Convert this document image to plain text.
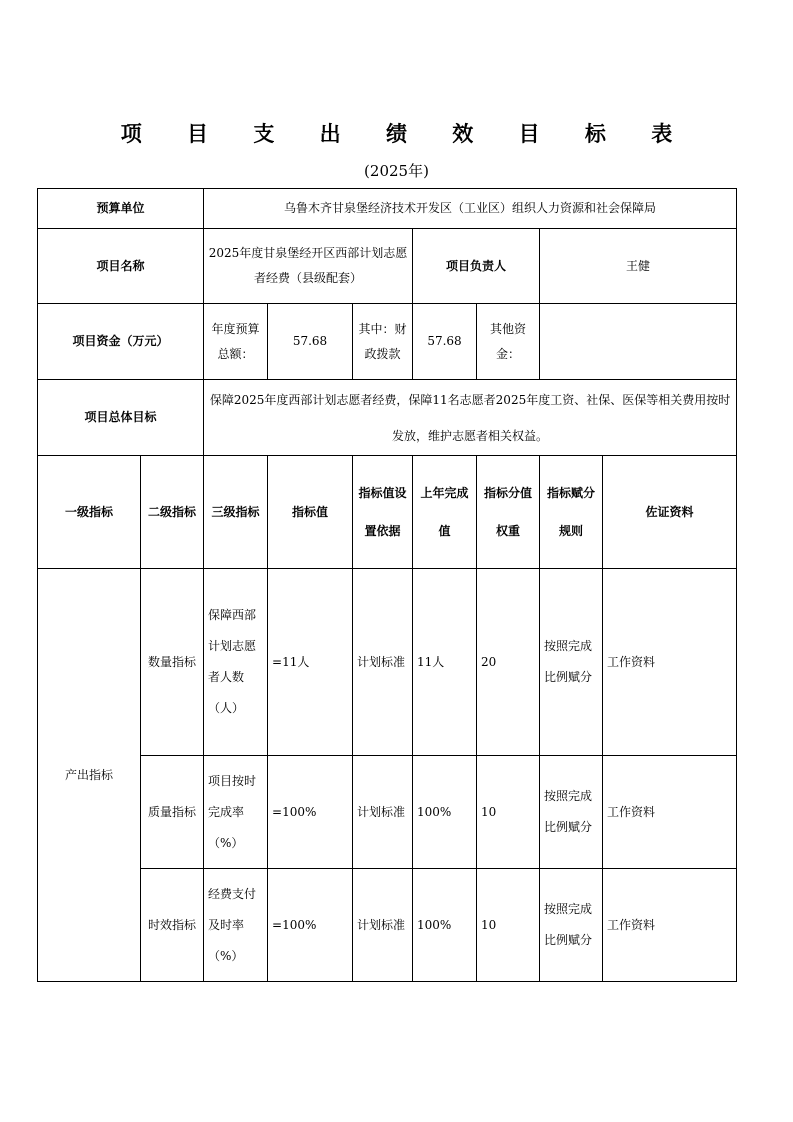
项 目 支 出 绩 效 目 标 表
(2025年)
预算单位		乌鲁木齐甘泉堡经济技术开发区（工业区）组织人力资源和社会保障局						
项目名称		2025年度甘泉堡经开区西部计划志愿者经费（县级配套）			项目负责人		王健	
项目资金（万元）		年度预算总额：	57.68	其中：财政拨款	57.68	其他资金：		
项目总体目标		保障2025年度西部计划志愿者经费，保障11名志愿者2025年度工资、社保、医保等相关费用按时发放，维护志愿者相关权益。						
一级指标	二级指标	三级指标	指标值	指标值设置依据	上年完成值	指标分值权重	指标赋分规则	佐证资料
产出指标	数量指标	保障西部计划志愿者人数（人）	=11人	计划标准	11人	20	按照完成比例赋分	工作资料
	质量指标	项目按时完成率（%）	=100%	计划标准	100%	10	按照完成比例赋分	工作资料
	时效指标	经费支付及时率（%）	=100%	计划标准	100%	10	按照完成比例赋分	工作资料
